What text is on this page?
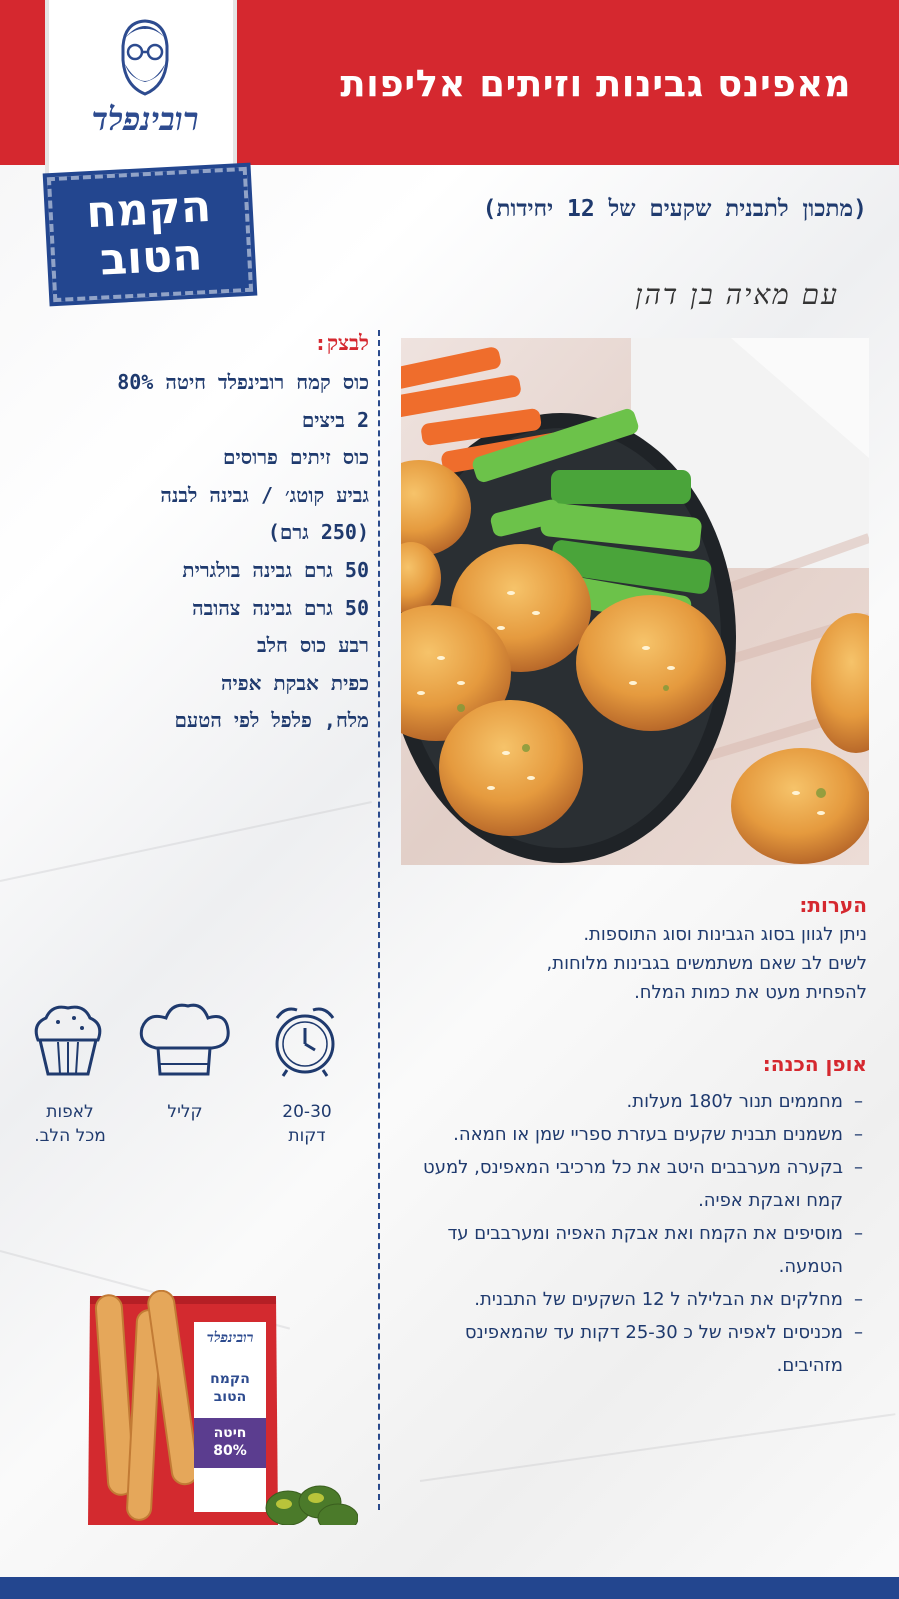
מאפינס גבינות וזיתים אליפות
רובינפלד
הקמח
הטוב
(מתכון לתבנית שקעים של 12 יחידות)
עם מאיה בן דהן
לבצק:
כוס קמח רובינפלד חיטה 80%
2 ביצים
כוס זיתים פרוסים
גביע קוטג׳ / גבינה לבנה
(250 גרם)
50 גרם גבינה בולגרית
50 גרם גבינה צהובה
רבע כוס חלב
כפית אבקת אפיה
מלח, פלפל לפי הטעם
הערות:
ניתן לגוון בסוג הגבינות וסוג התוספות.
לשים לב שאם משתמשים בגבינות מלוחות,
להפחית מעט את כמות המלח.
אופן הכנה:
– מחממים תנור ל180 מעלות.
– משמנים תבנית שקעים בעזרת ספריי שמן או חמאה.
– בקערה מערבבים היטב את כל מרכיבי המאפינס, למעט קמח ואבקת אפיה.
– מוסיפים את הקמח ואת אבקת האפיה ומערבבים עד הטמעה.
– מחלקים את הבלילה ל 12 השקעים של התבנית.
– מכניסים לאפיה של כ 25-30 דקות עד שהמאפינס מזהיבים.
20-30
דקות
קליל
לאפות
מכל הלב.
רובינפלד
הקמח
הטוב
חיטה
80%
